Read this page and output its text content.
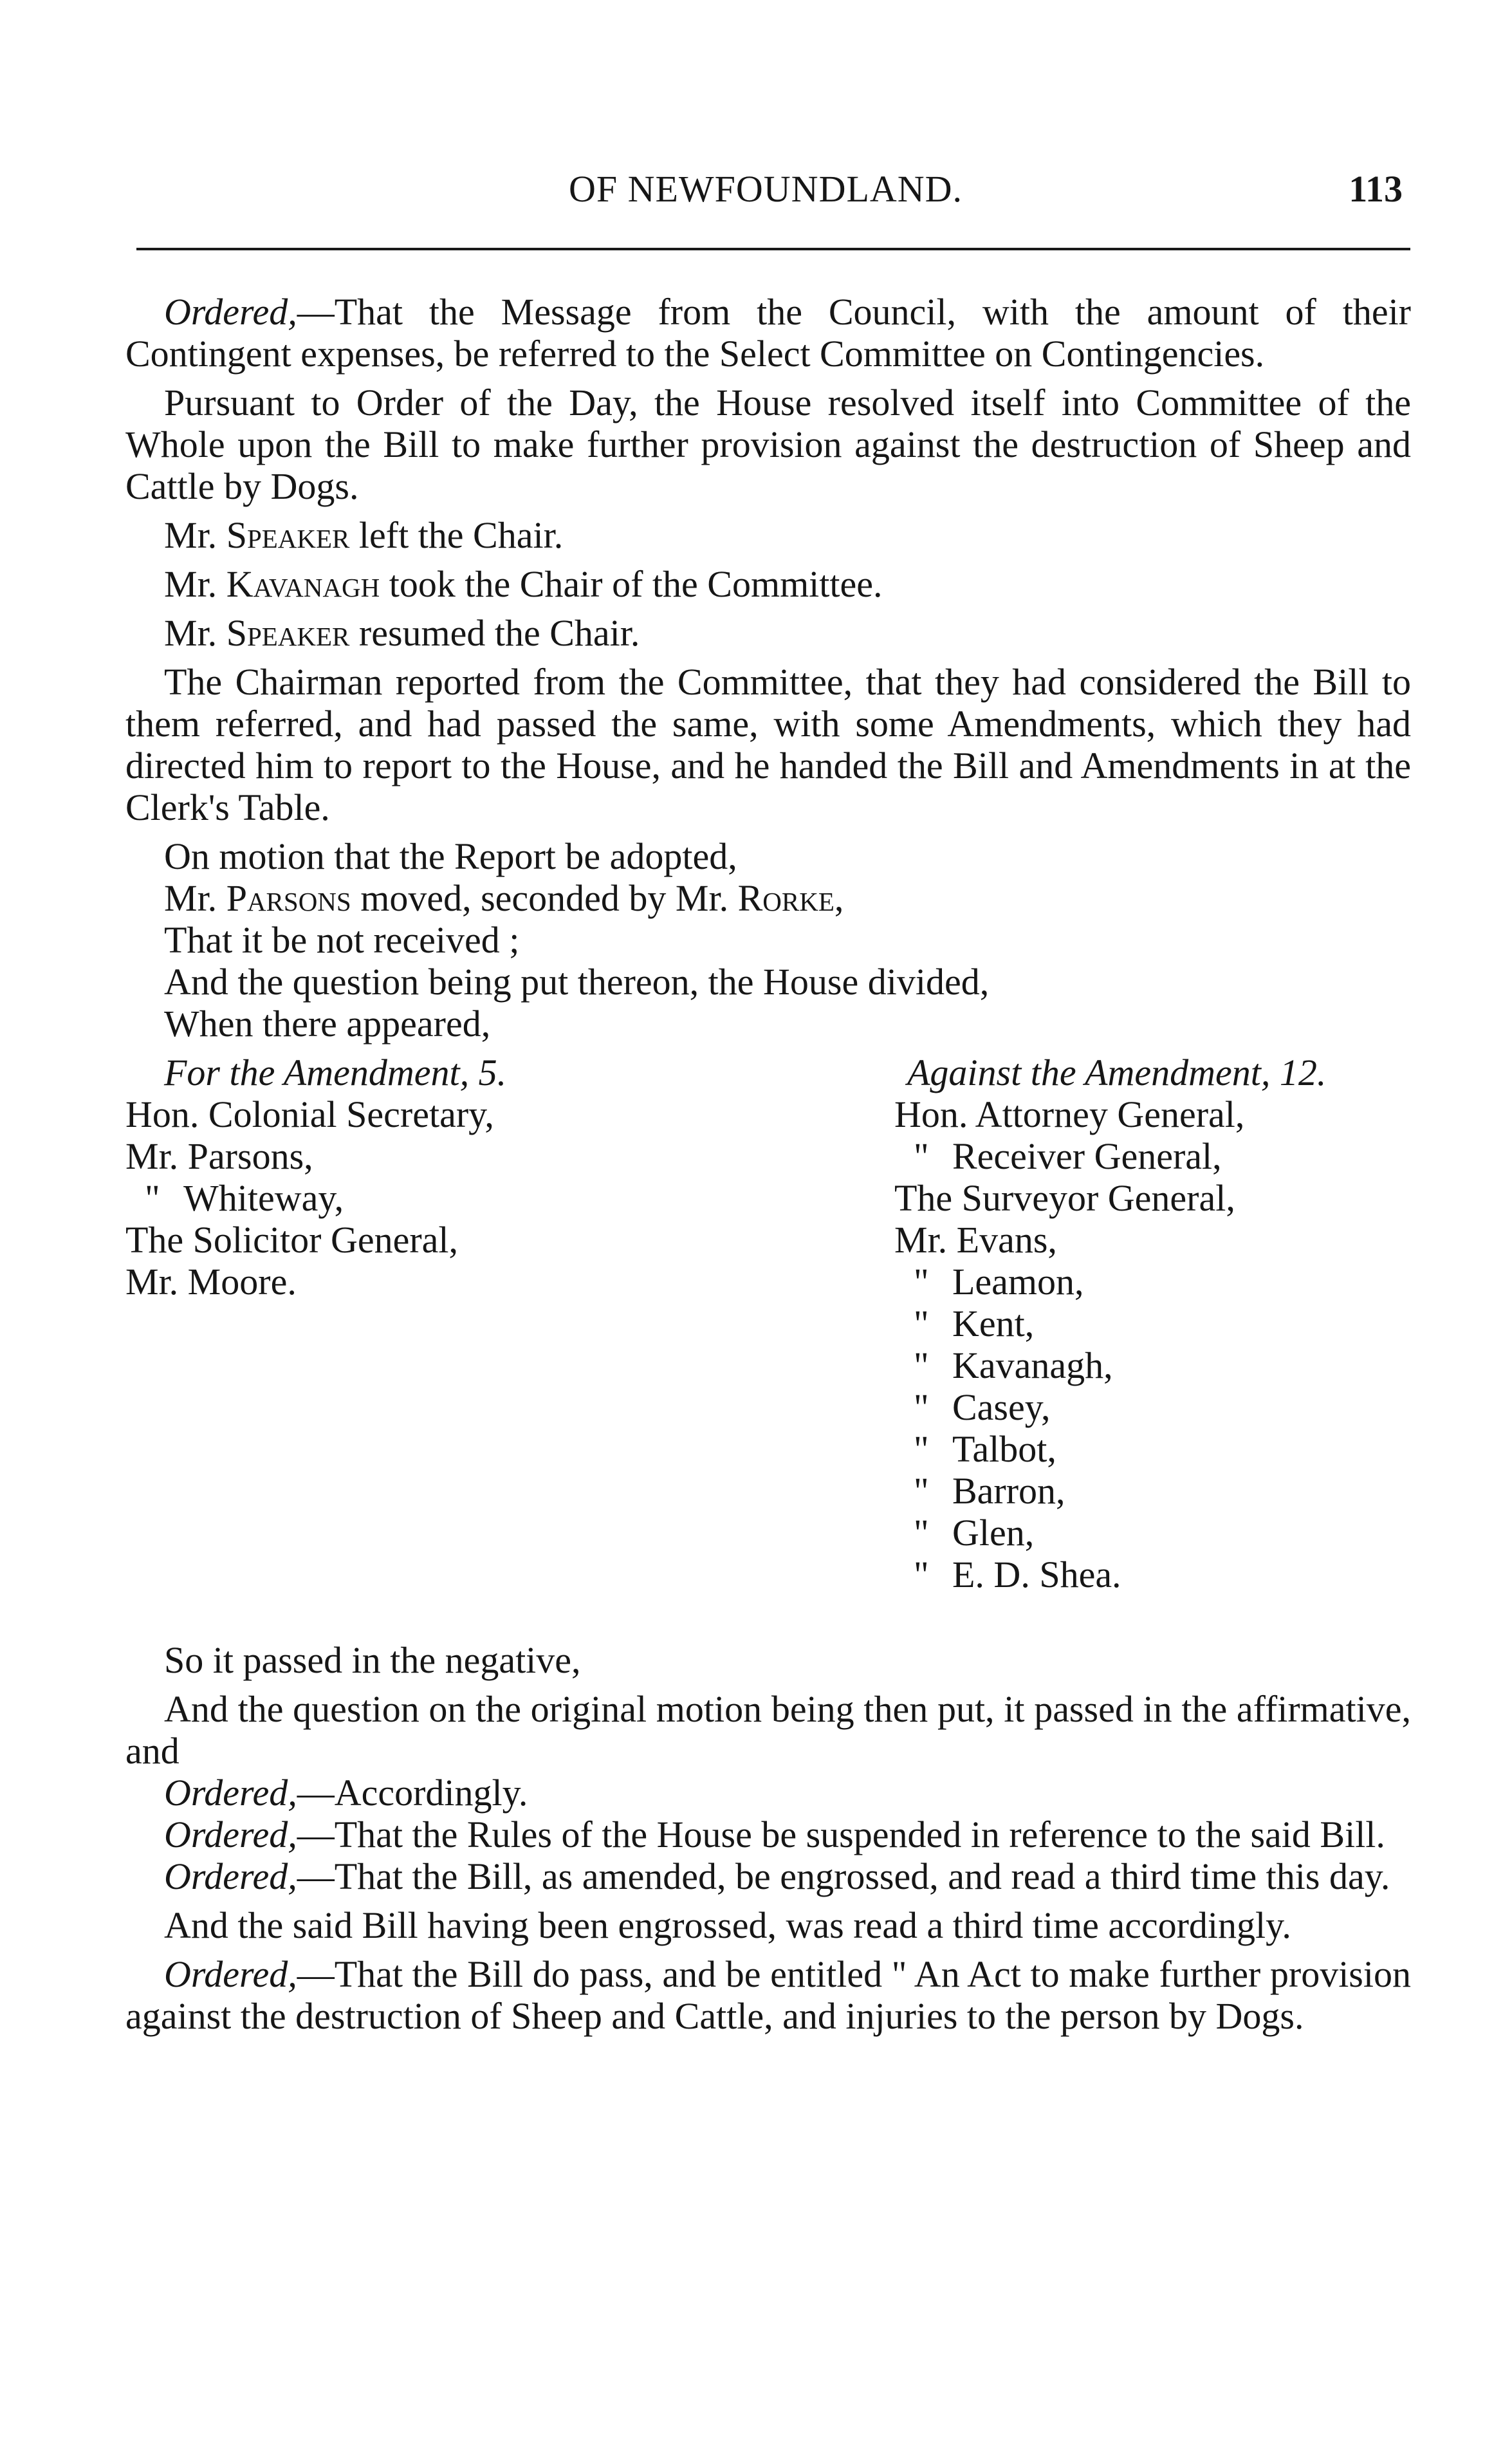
OF NEWFOUNDLAND.	113

Ordered,—That the Message from the Council, with the amount of their Contingent expenses, be referred to the Select Committee on Contingencies.

Pursuant to Order of the Day, the House resolved itself into Committee of the Whole upon the Bill to make further provision against the destruction of Sheep and Cattle by Dogs.

Mr. Speaker left the Chair.

Mr. Kavanagh took the Chair of the Committee.

Mr. Speaker resumed the Chair.

The Chairman reported from the Committee, that they had considered the Bill to them referred, and had passed the same, with some Amendments, which they had directed him to report to the House, and he handed the Bill and Amendments in at the Clerk's Table.

On motion that the Report be adopted,

Mr. Parsons moved, seconded by Mr. Rorke,

That it be not received ;

And the question being put thereon, the House divided,

When there appeared,

For the Amendment, 5.
Hon. Colonial Secretary,
Mr. Parsons,
" Whiteway,
The Solicitor General,
Mr. Moore.
Against the Amendment, 12.
Hon. Attorney General,
" Receiver General,
The Surveyor General,
Mr. Evans,
" Leamon,
" Kent,
" Kavanagh,
" Casey,
" Talbot,
" Barron,
" Glen,
" E. D. Shea.

So it passed in the negative,

And the question on the original motion being then put, it passed in the affirmative, and

Ordered,—Accordingly.

Ordered,—That the Rules of the House be suspended in reference to the said Bill.

Ordered,—That the Bill, as amended, be engrossed, and read a third time this day.

And the said Bill having been engrossed, was read a third time accordingly.

Ordered,—That the Bill do pass, and be entitled " An Act to make further provision against the destruction of Sheep and Cattle, and injuries to the person by Dogs.
